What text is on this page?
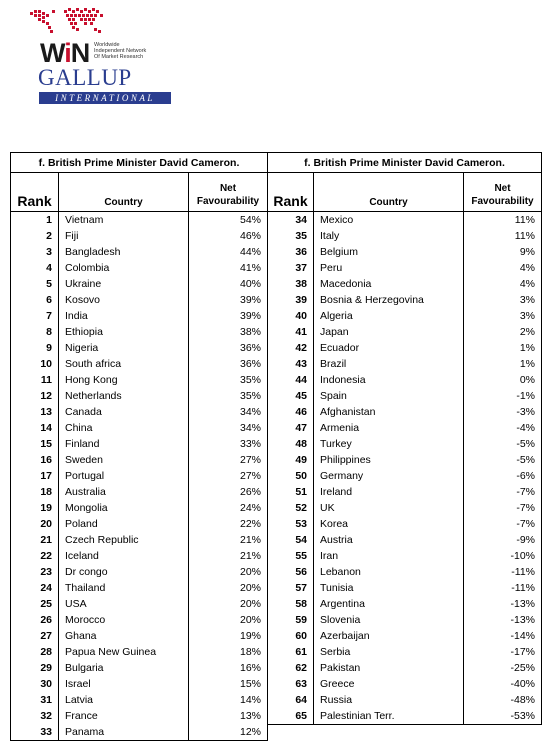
WiN Worldwide
Independent Network
Of Market Research
GALLUP
INTERNATIONAL
f. British Prime Minister David Cameron.		
Rank	Country	Net
Favourability

1	Vietnam	54%
2	Fiji	46%
3	Bangladesh	44%
4	Colombia	41%
5	Ukraine	40%
6	Kosovo	39%
7	India	39%
8	Ethiopia	38%
9	Nigeria	36%
10	South africa	36%
11	Hong Kong	35%
12	Netherlands	35%
13	Canada	34%
14	China	34%
15	Finland	33%
16	Sweden	27%
17	Portugal	27%
18	Australia	26%
19	Mongolia	24%
20	Poland	22%
21	Czech Republic	21%
22	Iceland	21%
23	Dr congo	20%
24	Thailand	20%
25	USA	20%
26	Morocco	20%
27	Ghana	19%
28	Papua New Guinea	18%
29	Bulgaria	16%
30	Israel	15%
31	Latvia	14%
32	France	13%
33	Panama	12%
f. British Prime Minister David Cameron.		
Rank	Country	Net
Favourability

34	Mexico	11%
35	Italy	11%
36	Belgium	9%
37	Peru	4%
38	Macedonia	4%
39	Bosnia & Herzegovina	3%
40	Algeria	3%
41	Japan	2%
42	Ecuador	1%
43	Brazil	1%
44	Indonesia	0%
45	Spain	-1%
46	Afghanistan	-3%
47	Armenia	-4%
48	Turkey	-5%
49	Philippines	-5%
50	Germany	-6%
51	Ireland	-7%
52	UK	-7%
53	Korea	-7%
54	Austria	-9%
55	Iran	-10%
56	Lebanon	-11%
57	Tunisia	-11%
58	Argentina	-13%
59	Slovenia	-13%
60	Azerbaijan	-14%
61	Serbia	-17%
62	Pakistan	-25%
63	Greece	-40%
64	Russia	-48%
65	Palestinian Terr.	-53%
